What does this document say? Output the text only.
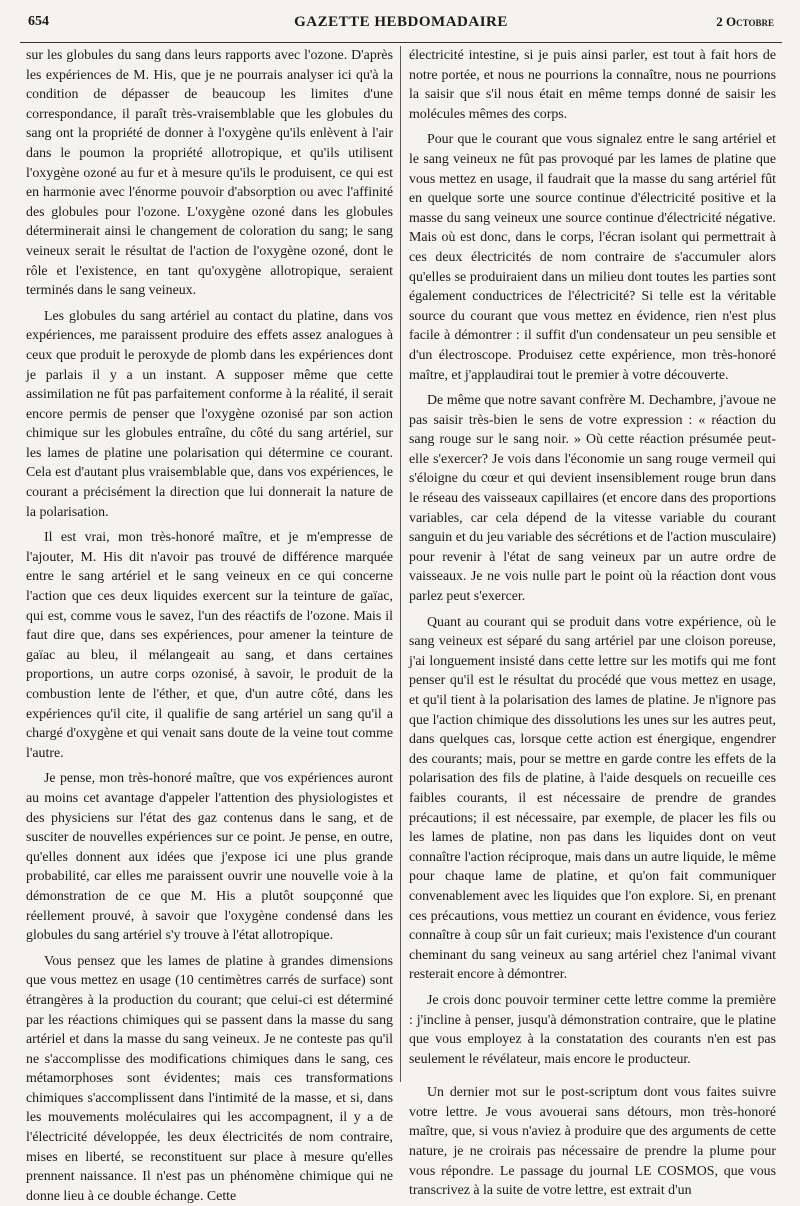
654	GAZETTE HEBDOMADAIRE	2 Octobre

sur les globules du sang dans leurs rapports avec l'ozone. D'après les expériences de M. His, que je ne pourrais analyser ici qu'à la condition de dépasser de beaucoup les limites d'une correspondance, il paraît très-vraisemblable que les globules du sang ont la propriété de donner à l'oxygène qu'ils enlèvent à l'air dans le poumon la propriété allotropique, et qu'ils utilisent l'oxygène ozoné au fur et à mesure qu'ils le produisent, ce qui est en harmonie avec l'énorme pouvoir d'absorption ou avec l'affinité des globules pour l'ozone. L'oxygène ozoné dans les globules déterminerait ainsi le changement de coloration du sang; le sang veineux serait le résultat de l'action de l'oxygène ozoné, dont le rôle et l'existence, en tant qu'oxygène allotropique, seraient terminés dans le sang veineux.

Les globules du sang artériel au contact du platine, dans vos expériences, me paraissent produire des effets assez analogues à ceux que produit le peroxyde de plomb dans les expériences dont je parlais il y a un instant. A supposer même que cette assimilation ne fût pas parfaitement conforme à la réalité, il serait encore permis de penser que l'oxygène ozonisé par son action chimique sur les globules entraîne, du côté du sang artériel, sur les lames de platine une polarisation qui détermine ce courant. Cela est d'autant plus vraisemblable que, dans vos expériences, le courant a précisément la direction que lui donnerait la nature de la polarisation.

Il est vrai, mon très-honoré maître, et je m'empresse de l'ajouter, M. His dit n'avoir pas trouvé de différence marquée entre le sang artériel et le sang veineux en ce qui concerne l'action que ces deux liquides exercent sur la teinture de gaïac, qui est, comme vous le savez, l'un des réactifs de l'ozone. Mais il faut dire que, dans ses expériences, pour amener la teinture de gaïac au bleu, il mélangeait au sang, et dans certaines proportions, un autre corps ozonisé, à savoir, le produit de la combustion lente de l'éther, et que, d'un autre côté, dans les expériences qu'il cite, il qualifie de sang artériel un sang qu'il a chargé d'oxygène et qui venait sans doute de la veine tout comme l'autre.

Je pense, mon très-honoré maître, que vos expériences auront au moins cet avantage d'appeler l'attention des physiologistes et des physiciens sur l'état des gaz contenus dans le sang, et de susciter de nouvelles expériences sur ce point. Je pense, en outre, qu'elles donnent aux idées que j'expose ici une plus grande probabilité, car elles me paraissent ouvrir une nouvelle voie à la démonstration de ce que M. His a plutôt soupçonné que réellement prouvé, à savoir que l'oxygène condensé dans les globules du sang artériel s'y trouve à l'état allotropique.

Vous pensez que les lames de platine à grandes dimensions que vous mettez en usage (10 centimètres carrés de surface) sont étrangères à la production du courant; que celui-ci est déterminé par les réactions chimiques qui se passent dans la masse du sang artériel et dans la masse du sang veineux. Je ne conteste pas qu'il ne s'accomplisse des modifications chimiques dans le sang, ces métamorphoses sont évidentes; mais ces transformations chimiques s'accomplissent dans l'intimité de la masse, et si, dans les mouvements moléculaires qui les accompagnent, il y a de l'électricité développée, les deux électricités de nom contraire, mises en liberté, se reconstituent sur place à mesure qu'elles prennent naissance. Il n'est pas un phénomène chimique qui ne donne lieu à ce double échange. Cette

électricité intestine, si je puis ainsi parler, est tout à fait hors de notre portée, et nous ne pourrions la connaître, nous ne pourrions la saisir que s'il nous était en même temps donné de saisir les molécules mêmes des corps.

Pour que le courant que vous signalez entre le sang artériel et le sang veineux ne fût pas provoqué par les lames de platine que vous mettez en usage, il faudrait que la masse du sang artériel fût en quelque sorte une source continue d'électricité positive et la masse du sang veineux une source continue d'électricité négative. Mais où est donc, dans le corps, l'écran isolant qui permettrait à ces deux électricités de nom contraire de s'accumuler alors qu'elles se produiraient dans un milieu dont toutes les parties sont également conductrices de l'électricité? Si telle est la véritable source du courant que vous mettez en évidence, rien n'est plus facile à démontrer : il suffit d'un condensateur un peu sensible et d'un électroscope. Produisez cette expérience, mon très-honoré maître, et j'applaudirai tout le premier à votre découverte.

De même que notre savant confrère M. Dechambre, j'avoue ne pas saisir très-bien le sens de votre expression : « réaction du sang rouge sur le sang noir. » Où cette réaction présumée peut-elle s'exercer? Je vois dans l'économie un sang rouge vermeil qui s'éloigne du cœur et qui devient insensiblement rouge brun dans le réseau des vaisseaux capillaires (et encore dans des proportions variables, car cela dépend de la vitesse variable du courant sanguin et du jeu variable des sécrétions et de l'action musculaire) pour revenir à l'état de sang veineux par un autre ordre de vaisseaux. Je ne vois nulle part le point où la réaction dont vous parlez peut s'exercer.

Quant au courant qui se produit dans votre expérience, où le sang veineux est séparé du sang artériel par une cloison poreuse, j'ai longuement insisté dans cette lettre sur les motifs qui me font penser qu'il est le résultat du procédé que vous mettez en usage, et qu'il tient à la polarisation des lames de platine. Je n'ignore pas que l'action chimique des dissolutions les unes sur les autres peut, dans quelques cas, lorsque cette action est énergique, engendrer des courants; mais, pour se mettre en garde contre les effets de la polarisation des fils de platine, à l'aide desquels on recueille ces faibles courants, il est nécessaire de prendre de grandes précautions; il est nécessaire, par exemple, de placer les fils ou les lames de platine, non pas dans les liquides dont on veut connaître l'action réciproque, mais dans un autre liquide, le même pour chaque lame de platine, et qu'on fait communiquer convenablement avec les liquides que l'on explore. Si, en prenant ces précautions, vous mettiez un courant en évidence, vous feriez connaître à coup sûr un fait curieux; mais l'existence d'un courant cheminant du sang veineux au sang artériel chez l'animal vivant resterait encore à démontrer.

Je crois donc pouvoir terminer cette lettre comme la première : j'incline à penser, jusqu'à démonstration contraire, que le platine que vous employez à la constatation des courants n'en est pas seulement le révélateur, mais encore le producteur.

Un dernier mot sur le post-scriptum dont vous faites suivre votre lettre. Je vous avouerai sans détours, mon très-honoré maître, que, si vous n'aviez à produire que des arguments de cette nature, je ne croirais pas nécessaire de prendre la plume pour vous répondre. Le passage du journal LE COSMOS, que vous transcrivez à la suite de votre lettre, est extrait d'un
